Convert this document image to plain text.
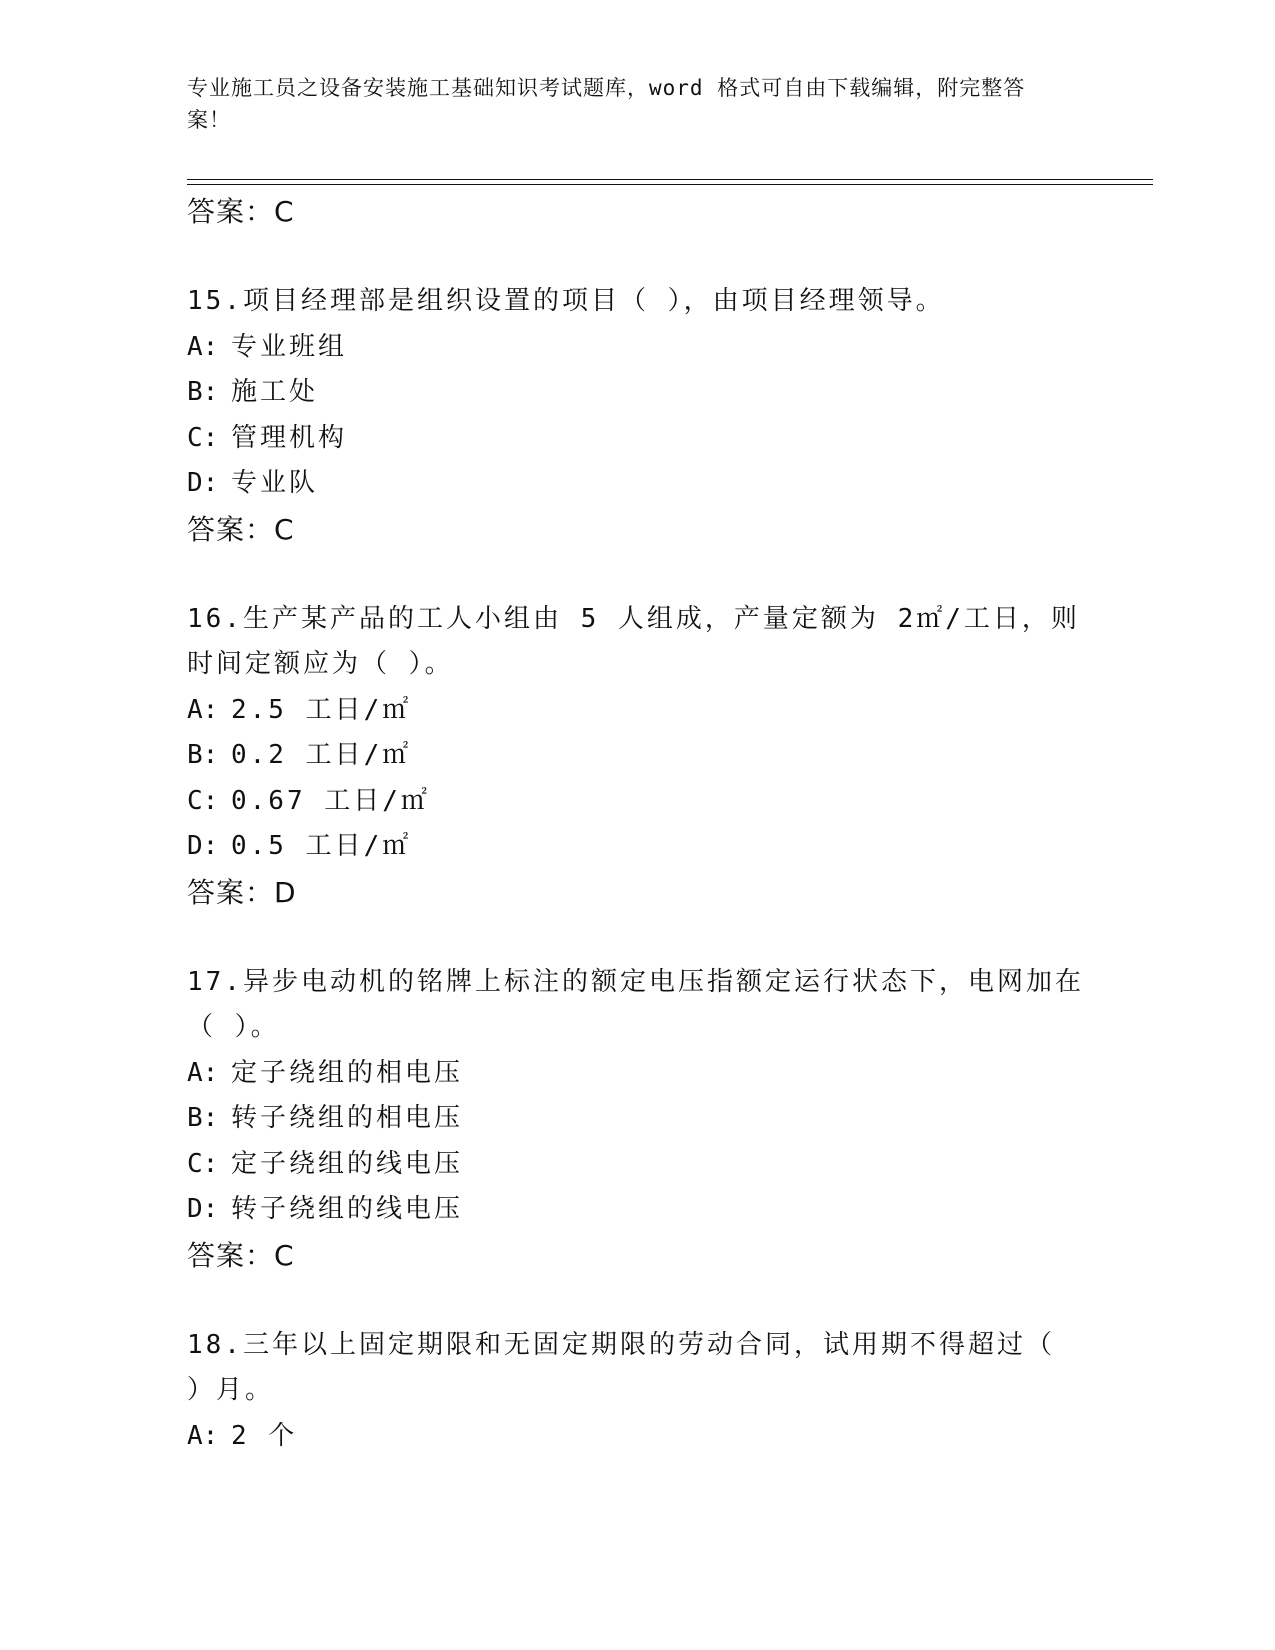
专业施工员之设备安装施工基础知识考试题库，word 格式可自由下载编辑，附完整答案！
答案：C
15.项目经理部是组织设置的项目（ ），由项目经理领导。
A: 专业班组
B: 施工处
C: 管理机构
D: 专业队
答案：C
16.生产某产品的工人小组由 5 人组成，产量定额为 2㎡/工日，则时间定额应为（ ）。
A: 2.5 工日/㎡
B: 0.2 工日/㎡
C: 0.67 工日/㎡
D: 0.5 工日/㎡
答案：D
17.异步电动机的铭牌上标注的额定电压指额定运行状态下，电网加在（ ）。
A: 定子绕组的相电压
B: 转子绕组的相电压
C: 定子绕组的线电压
D: 转子绕组的线电压
答案：C
18.三年以上固定期限和无固定期限的劳动合同，试用期不得超过（ ）月。
A: 2 个
